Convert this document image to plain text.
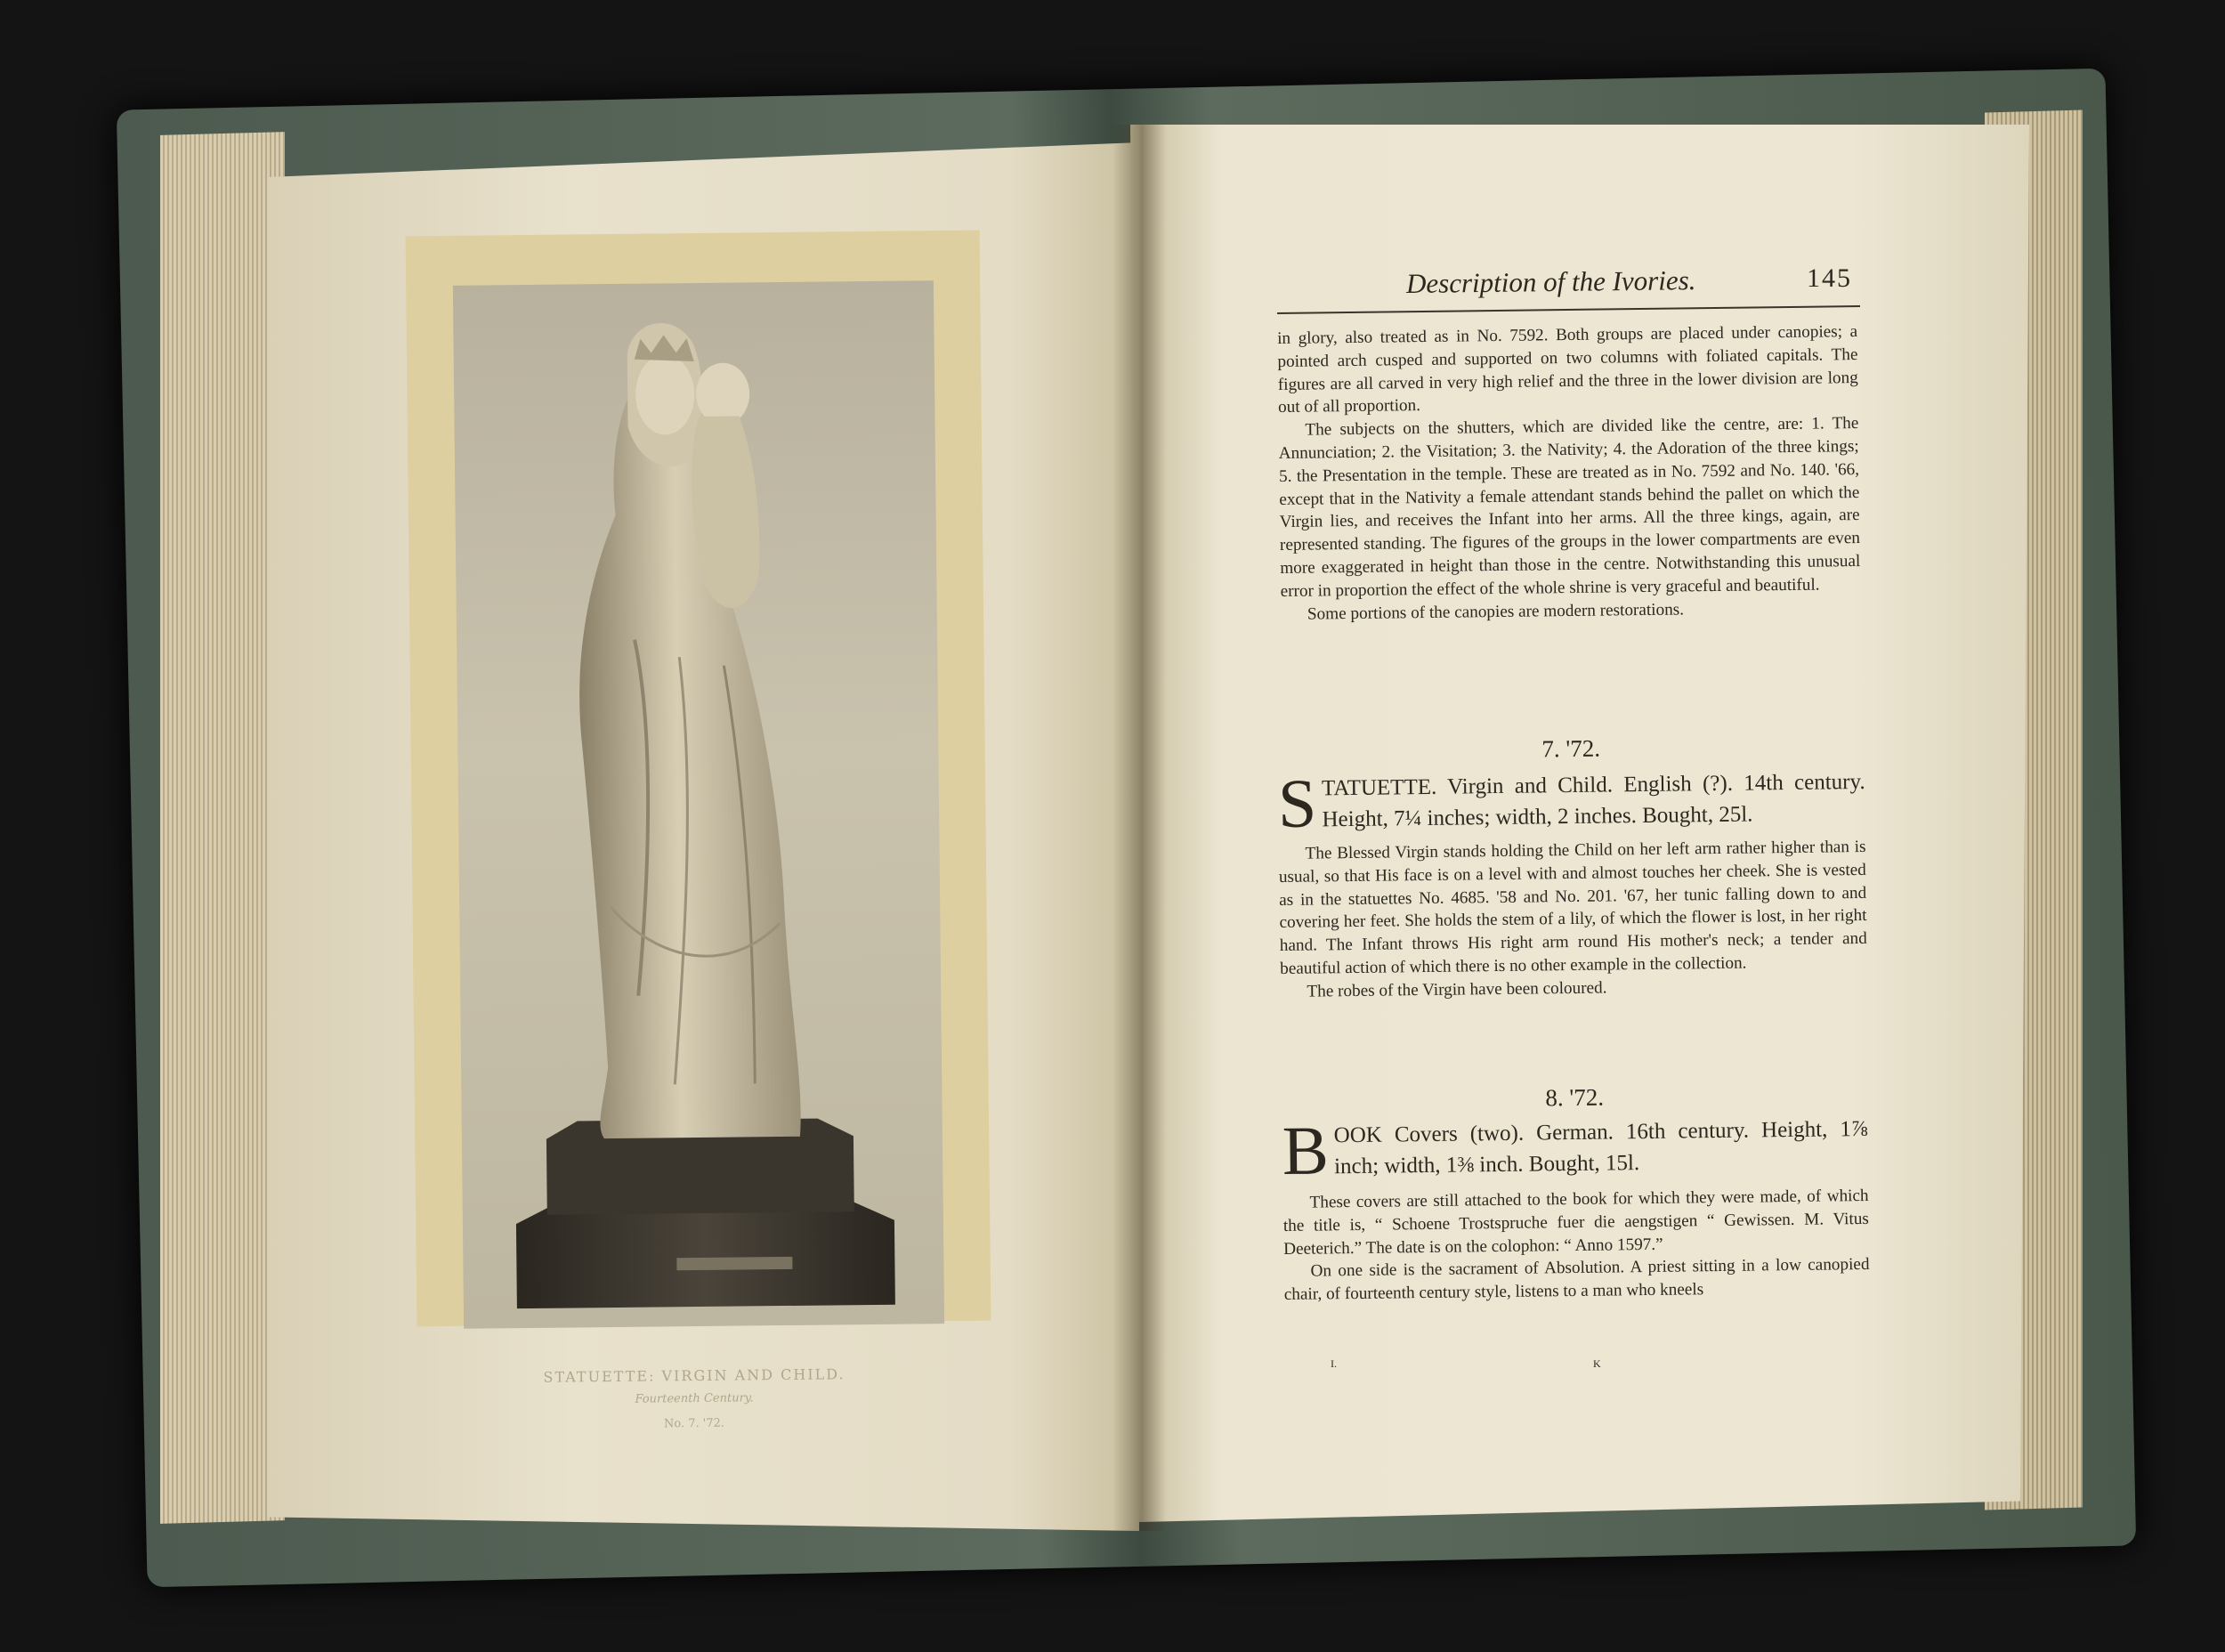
STATUETTE: VIRGIN AND CHILD.
Fourteenth Century.
No. 7. '72.
Description of the Ivories.	145

in glory, also treated as in No. 7592. Both groups are placed under canopies; a pointed arch cusped and supported on two columns with foliated capitals. The figures are all carved in very high relief and the three in the lower division are long out of all proportion.

The subjects on the shutters, which are divided like the centre, are: 1. The Annunciation; 2. the Visitation; 3. the Nativity; 4. the Adoration of the three kings; 5. the Presentation in the temple. These are treated as in No. 7592 and No. 140. '66, except that in the Nativity a female attendant stands behind the pallet on which the Virgin lies, and receives the Infant into her arms. All the three kings, again, are represented standing. The figures of the groups in the lower compartments are even more exaggerated in height than those in the centre. Notwithstanding this unusual error in proportion the effect of the whole shrine is very graceful and beautiful.

Some portions of the canopies are modern restorations.

7. '72.

STATUETTE. Virgin and Child. English (?). 14th century. Height, 7¼ inches; width, 2 inches. Bought, 25l.

The Blessed Virgin stands holding the Child on her left arm rather higher than is usual, so that His face is on a level with and almost touches her cheek. She is vested as in the statuettes No. 4685. '58 and No. 201. '67, her tunic falling down to and covering her feet. She holds the stem of a lily, of which the flower is lost, in her right hand. The Infant throws His right arm round His mother's neck; a tender and beautiful action of which there is no other example in the collection.

The robes of the Virgin have been coloured.

8. '72.

BOOK Covers (two). German. 16th century. Height, 1⅞ inch; width, 1⅜ inch. Bought, 15l.

These covers are still attached to the book for which they were made, of which the title is, “ Schoene Trostspruche fuer die aengstigen “ Gewissen. M. Vitus Deeterich.” The date is on the colophon: “ Anno 1597.”

On one side is the sacrament of Absolution. A priest sitting in a low canopied chair, of fourteenth century style, listens to a man who kneels

I.	K
